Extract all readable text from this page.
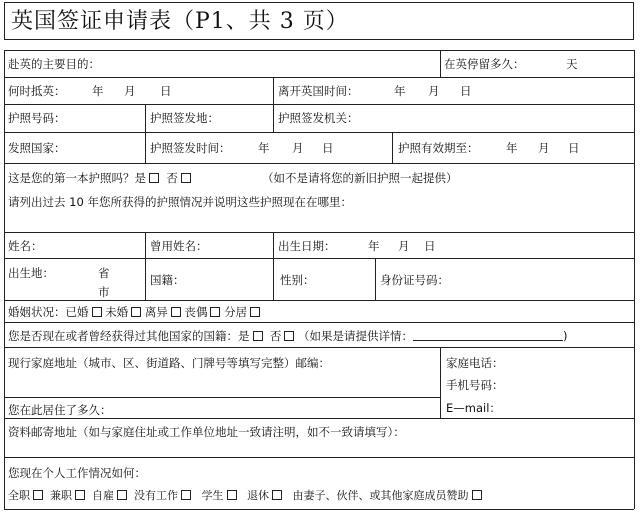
英国签证申请表（P1、共 3 页）
赴英的主要目的：	在英停留多久：	天
何时抵英： 年 月 日	离开英国时间：	年 月 日
护照号码：	护照签发地：	护照签发机关：
发照国家：	护照签发时间： 年 月 日	护照有效期至： 年 月 日
这是您的第一本护照吗？是 否	（如不是请将您的新旧护照一起提供）
请列出过去 10 年您所获得的护照情况并说明这些护照现在在哪里：
姓名：	曾用姓名：	出生日期：	年 月 日
出生地：	省
市
国籍：	性别：	身份证号码：
婚姻状况：已婚 未婚 离异 丧偶 分居
您是否现在或者曾经获得过其他国家的国籍：是 否 （如果是请提供详情：	)
现行家庭地址（城市、区、街道路、门牌号等填写完整）邮编：	家庭电话：
手机号码：
E—mail：
您在此居住了多久：
资料邮寄地址（如与家庭住址或工作单位地址一致请注明，如不一致请填写）：
您现在个人工作情况如何：
全职 兼职 自雇 没有工作 学生 退休 由妻子、伙伴、或其他家庭成员赞助
